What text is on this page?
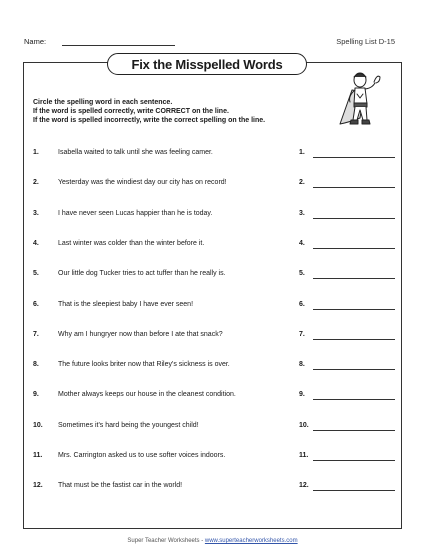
Name:	Spelling List D-15
Fix the Misspelled Words
Circle the spelling word in each sentence.
If the word is spelled correctly, write CORRECT on the line.
If the word is spelled incorrectly, write the correct spelling on the line.
1.	Isabella waited to talk until she was feeling camer.	1.
2.	Yesterday was the windiest day our city has on record!	2.
3.	I have never seen Lucas happier than he is today.	3.
4.	Last winter was colder than the winter before it.	4.
5.	Our little dog Tucker tries to act tuffer than he really is.	5.
6.	That is the sleepiest baby I have ever seen!	6.
7.	Why am I hungryer now than before I ate that snack?	7.
8.	The future looks briter now that Riley's sickness is over.	8.
9.	Mother always keeps our house in the cleanest condition.	9.
10. Sometimes it's hard being the youngest child!	10.
11. Mrs. Carrington asked us to use softer voices indoors.	11.
12. That must be the fastist car in the world!	12.
Super Teacher Worksheets - www.superteacherworksheets.com
